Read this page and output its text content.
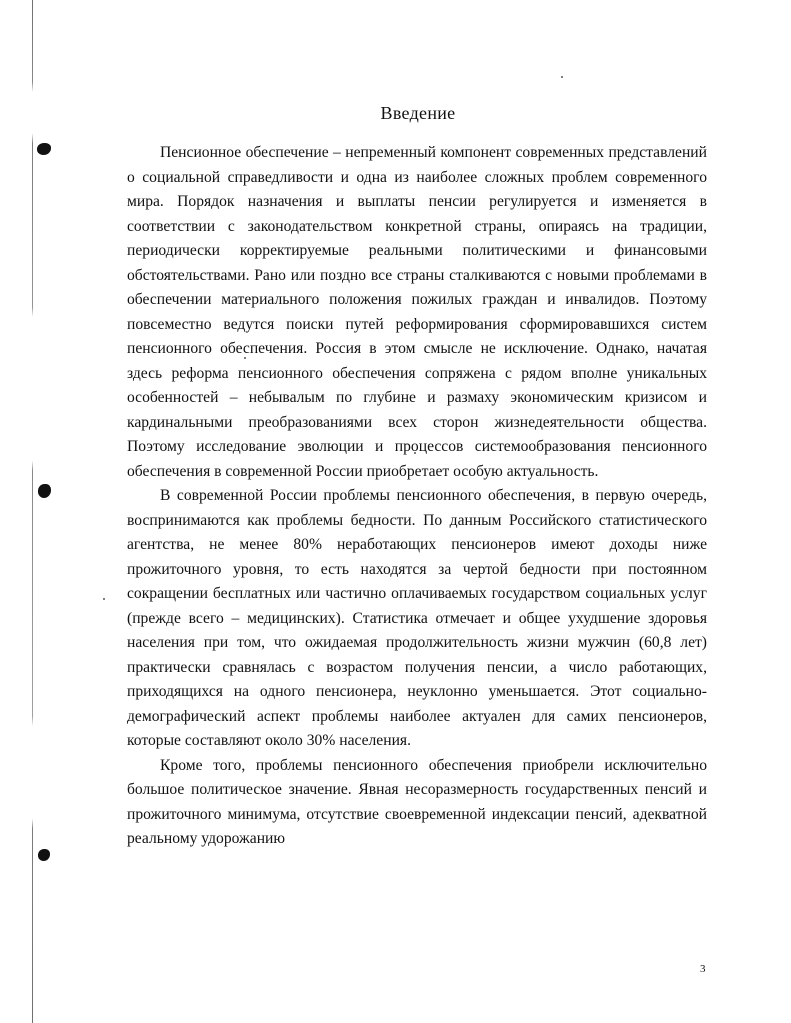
Введение

Пенсионное обеспечение – непременный компонент современных представлений о социальной справедливости и одна из наиболее сложных проблем современного мира. Порядок назначения и выплаты пенсии регулируется и изменяется в соответствии с законодательством конкретной страны, опираясь на традиции, периодически корректируемые реальными политическими и финансовыми обстоятельствами. Рано или поздно все страны сталкиваются с новыми проблемами в обеспечении материального положения пожилых граждан и инвалидов. Поэтому повсеместно ведутся поиски путей реформирования сформировавшихся систем пенсионного обеспечения. Россия в этом смысле не исключение. Однако, начатая здесь реформа пенсионного обеспечения сопряжена с рядом вполне уникальных особенностей – небывалым по глубине и размаху экономическим кризисом и кардинальными преобразованиями всех сторон жизнедеятельности общества. Поэтому исследование эволюции и процессов системообразования пенсионного обеспечения в современной России приобретает особую актуальность.

В современной России проблемы пенсионного обеспечения, в первую очередь, воспринимаются как проблемы бедности. По данным Российского статистического агентства, не менее 80% неработающих пенсионеров имеют доходы ниже прожиточного уровня, то есть находятся за чертой бедности при постоянном сокращении бесплатных или частично оплачиваемых государством социальных услуг (прежде всего – медицинских). Статистика отмечает и общее ухудшение здоровья населения при том, что ожидаемая продолжительность жизни мужчин (60,8 лет) практически сравнялась с возрастом получения пенсии, а число работающих, приходящихся на одного пенсионера, неуклонно уменьшается. Этот социально-демографический аспект проблемы наиболее актуален для самих пенсионеров, которые составляют около 30% населения.

Кроме того, проблемы пенсионного обеспечения приобрели исключительно большое политическое значение. Явная несоразмерность государственных пенсий и прожиточного минимума, отсутствие своевременной индексации пенсий, адекватной реальному удорожанию

3
